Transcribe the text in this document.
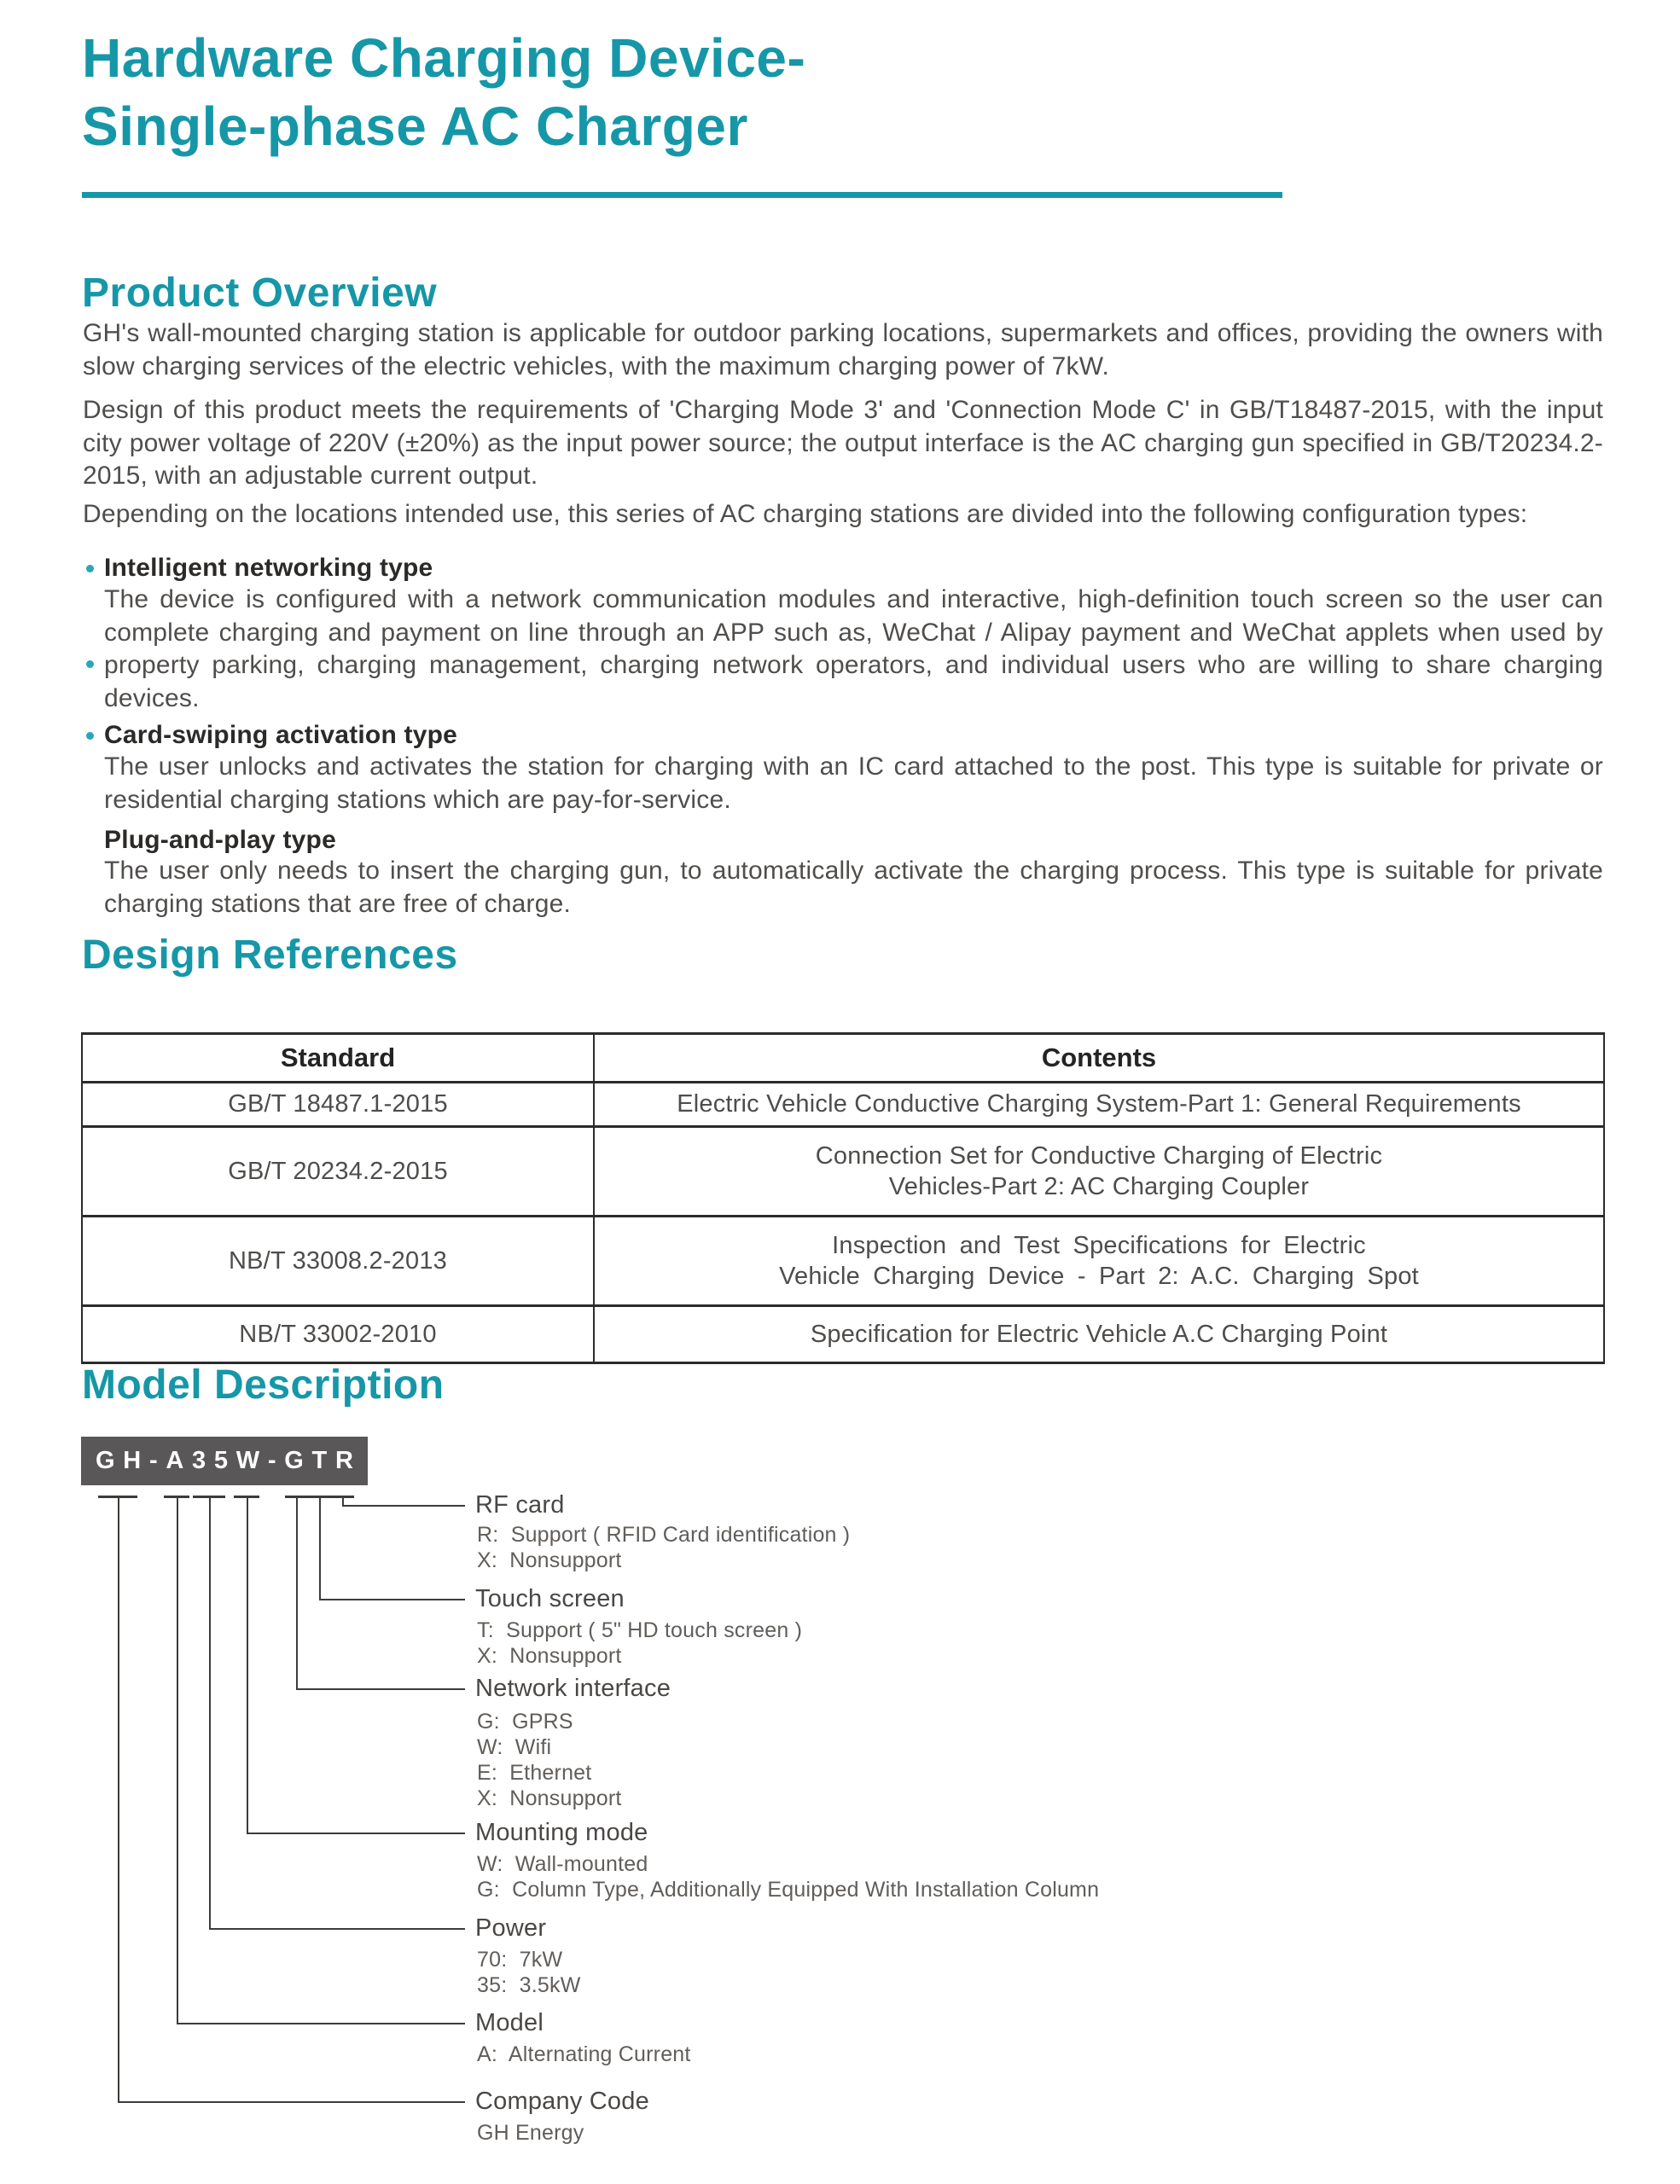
Hardware Charging Device-
Single-phase AC Charger
Product Overview
GH's wall-mounted charging station is applicable for outdoor parking locations, supermarkets and offices, providing the owners with slow charging services of the electric vehicles, with the maximum charging power of 7kW.
Design of this product meets the requirements of 'Charging Mode 3' and 'Connection Mode C' in GB/T18487-2015, with the input city power voltage of 220V (±20%) as the input power source; the output interface is the AC charging gun specified in GB/T20234.2-2015, with an adjustable current output.
Depending on the locations intended use, this series of AC charging stations are divided into the following configuration types:
Intelligent networking type
The device is configured with a network communication modules and interactive, high-definition touch screen so the user can complete charging and payment on line through an APP such as, WeChat / Alipay payment and WeChat applets when used by property parking, charging management, charging network operators, and individual users who are willing to share charging devices.
Card-swiping activation type
The user unlocks and activates the station for charging with an IC card attached to the post. This type is suitable for private or residential charging stations which are pay-for-service.
Plug-and-play type
The user only needs to insert the charging gun, to automatically activate the charging process. This type is suitable for private charging stations that are free of charge.
Design References
Standard	Contents
GB/T 18487.1-2015	Electric Vehicle Conductive Charging System-Part 1: General Requirements
GB/T 20234.2-2015	Connection Set for Conductive Charging of Electric
Vehicles-Part 2: AC Charging Coupler

NB/T 33008.2-2013	Inspection and Test Specifications for Electric
Vehicle Charging Device - Part 2: A.C. Charging Spot

NB/T 33002-2010	Specification for Electric Vehicle A.C Charging Point
Model Description
G H - A 3 5 W - G T R
RF card
R:  Support ( RFID Card identification )
X:  Nonsupport
Touch screen
T:  Support ( 5" HD touch screen )
X:  Nonsupport
Network interface
G:  GPRS
W:  Wifi
E:  Ethernet
X:  Nonsupport
Mounting mode
W:  Wall-mounted
G:  Column Type, Additionally Equipped With Installation Column
Power
70:  7kW
35:  3.5kW
Model
A:  Alternating Current
Company Code
GH Energy
